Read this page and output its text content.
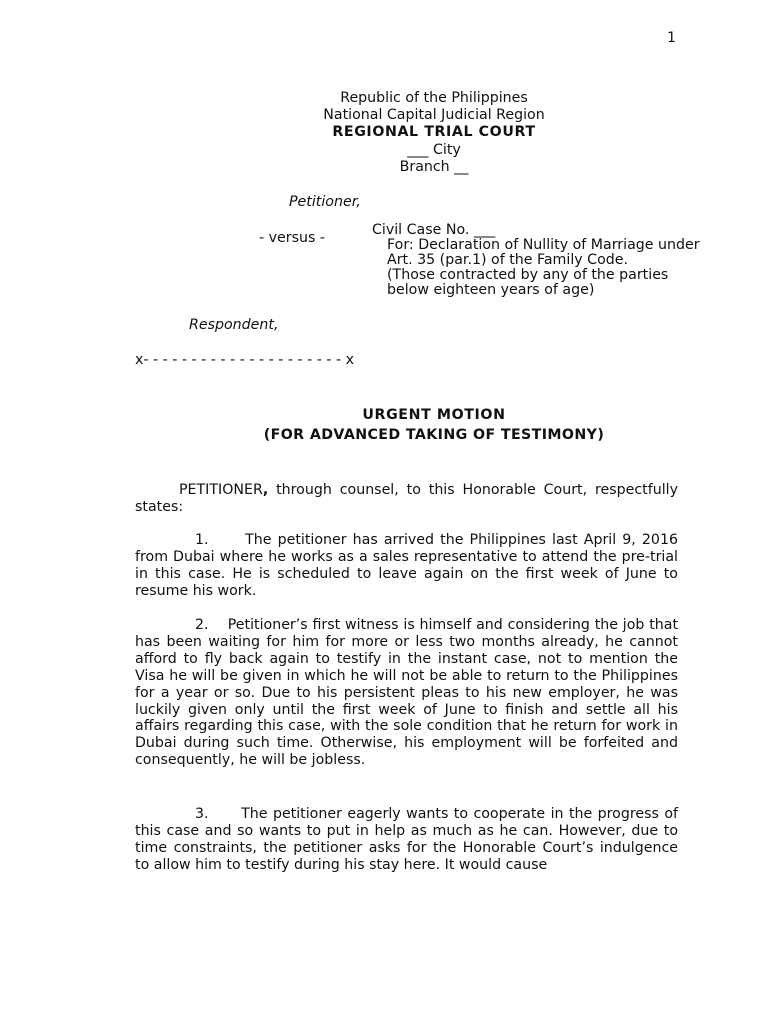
1
Republic of the Philippines
National Capital Judicial Region
REGIONAL TRIAL COURT
___ City
Branch __
Petitioner,
- versus -	Civil Case No. ___
For: Declaration of Nullity of Marriage under
Art. 35 (par.1) of the Family Code.
(Those contracted by any of the parties
below eighteen years of age)
Respondent,
x- - - - - - - - - - - - - - - - - - - - - x
URGENT MOTION
(FOR ADVANCED TAKING OF TESTIMONY)

PETITIONER, through counsel, to this Honorable Court, respectfully states:

1.	The petitioner has arrived the Philippines last April 9, 2016 from Dubai where he works as a sales representative to attend the pre-trial in this case. He is scheduled to leave again on the first week of June to resume his work.

2. Petitioner’s first witness is himself and considering the job that has been waiting for him for more or less two months already, he cannot afford to fly back again to testify in the instant case, not to mention the Visa he will be given in which he will not be able to return to the Philippines for a year or so. Due to his persistent pleas to his new employer, he was luckily given only until the first week of June to finish and settle all his affairs regarding this case, with the sole condition that he return for work in Dubai during such time. Otherwise, his employment will be forfeited and consequently, he will be jobless.

3. The petitioner eagerly wants to cooperate in the progress of this case and so wants to put in help as much as he can. However, due to time constraints, the petitioner asks for the Honorable Court’s indulgence to allow him to testify during his stay here. It would cause
